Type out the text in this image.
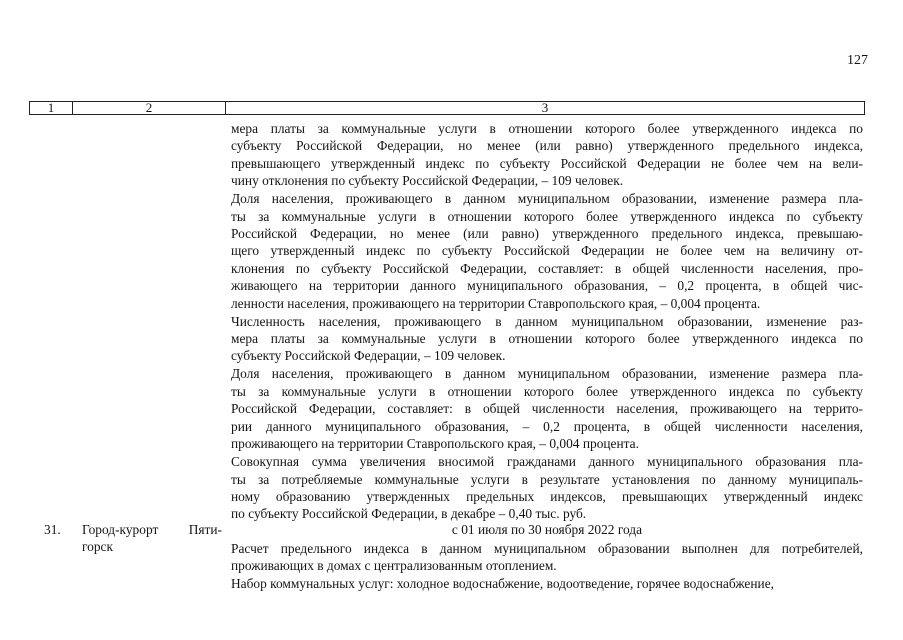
127
1	2	3

мера платы за коммунальные услуги в отношении которого более утвержденного индекса по
субъекту Российской Федерации, но менее (или равно) утвержденного предельного индекса,
превышающего утвержденный индекс по субъекту Российской Федерации не более чем на вели-
чину отклонения по субъекту Российской Федерации, – 109 человек.

Доля населения, проживающего в данном муниципальном образовании, изменение размера пла-
ты за коммунальные услуги в отношении которого более утвержденного индекса по субъекту
Российской Федерации, но менее (или равно) утвержденного предельного индекса, превышаю-
щего утвержденный индекс по субъекту Российской Федерации не более чем на величину от-
клонения по субъекту Российской Федерации, составляет: в общей численности населения, про-
живающего на территории данного муниципального образования, – 0,2 процента, в общей чис-
ленности населения, проживающего на территории Ставропольского края, – 0,004 процента.

Численность населения, проживающего в данном муниципальном образовании, изменение раз-
мера платы за коммунальные услуги в отношении которого более утвержденного индекса по
субъекту Российской Федерации, – 109 человек.

Доля населения, проживающего в данном муниципальном образовании, изменение размера пла-
ты за коммунальные услуги в отношении которого более утвержденного индекса по субъекту
Российской Федерации, составляет: в общей численности населения, проживающего на террито-
рии данного муниципального образования, – 0,2 процента, в общей численности населения,
проживающего на территории Ставропольского края, – 0,004 процента.

Совокупная сумма увеличения вносимой гражданами данного муниципального образования пла-
ты за потребляемые коммунальные услуги в результате установления по данному муниципаль-
ному образованию утвержденных предельных индексов, превышающих утвержденный индекс
по субъекту Российской Федерации, в декабре – 0,40 тыс. руб.

31. Город-курорт Пяти-
горск
с 01 июля по 30 ноября 2022 года

Расчет предельного индекса в данном муниципальном образовании выполнен для потребителей,
проживающих в домах с централизованным отоплением.

Набор коммунальных услуг: холодное водоснабжение, водоотведение, горячее водоснабжение,
